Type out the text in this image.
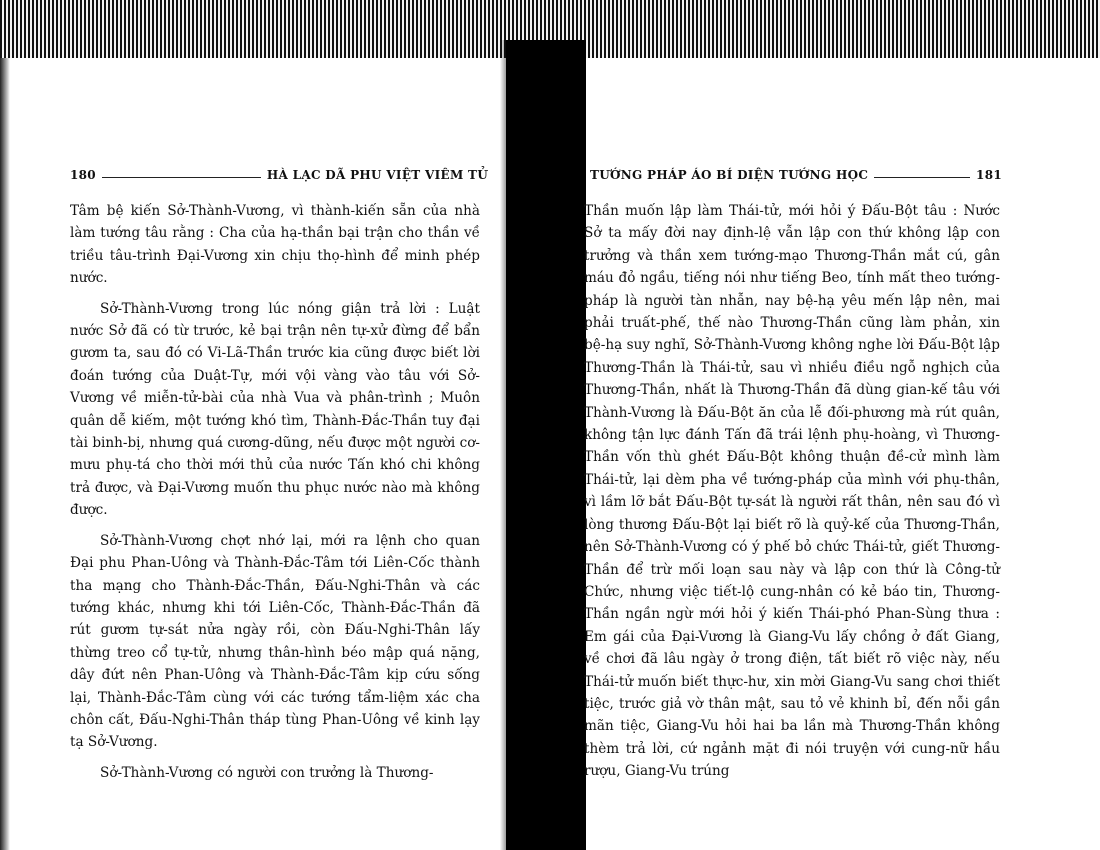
180	HÀ LẠC DÃ PHU VIỆT VIÊM TỬ

Tâm bệ kiến Sở-Thành-Vương, vì thành-kiến sẵn của nhà làm tướng tâu rằng : Cha của hạ-thần bại trận cho thần về triều tâu-trình Đại-Vương xin chịu thọ-hình để minh phép nước.

Sở-Thành-Vương trong lúc nóng giận trả lời : Luật nước Sở đã có từ trước, kẻ bại trận nên tự-xử đừng để bẩn gươm ta, sau đó có Vi-Lã-Thần trước kia cũng được biết lời đoán tướng của Duật-Tự, mới vội vàng vào tâu với Sở-Vương về miễn-tử-bài của nhà Vua và phân-trình ; Muôn quân dễ kiếm, một tướng khó tìm, Thành-Đắc-Thần tuy đại tài binh-bị, nhưng quá cương-dũng, nếu được một người cơ-mưu phụ-tá cho thời mới thủ của nước Tấn khó chi không trả được, và Đại-Vương muốn thu phục nước nào mà không được.

Sở-Thành-Vương chợt nhớ lại, mới ra lệnh cho quan Đại phu Phan-Uông và Thành-Đắc-Tâm tới Liên-Cốc thành tha mạng cho Thành-Đắc-Thần, Đấu-Nghi-Thân và các tướng khác, nhưng khi tới Liên-Cốc, Thành-Đắc-Thần đã rút gươm tự-sát nửa ngày rồi, còn Đấu-Nghi-Thân lấy thừng treo cổ tự-tử, nhưng thân-hình béo mập quá nặng, dây đứt nên Phan-Uông và Thành-Đắc-Tâm kịp cứu sống lại, Thành-Đắc-Tâm cùng với các tướng tẩm-liệm xác cha chôn cất, Đấu-Nghi-Thân tháp tùng Phan-Uông về kinh lạy tạ Sở-Vương.

Sở-Thành-Vương có người con trưởng là Thương-

TƯỚNG PHÁP ÁO BÍ DIỆN TƯỚNG HỌC	181

Thần muốn lập làm Thái-tử, mới hỏi ý Đấu-Bột tâu : Nước Sở ta mấy đời nay định-lệ vẫn lập con thứ không lập con trưởng và thần xem tướng-mạo Thương-Thần mắt cú, gân máu đỏ ngầu, tiếng nói như tiếng Beo, tính mất theo tướng-pháp là người tàn nhẫn, nay bệ-hạ yêu mến lập nên, mai phải truất-phế, thế nào Thương-Thần cũng làm phản, xin bệ-hạ suy nghĩ, Sở-Thành-Vương không nghe lời Đấu-Bột lập Thương-Thần là Thái-tử, sau vì nhiều điều ngỗ nghịch của Thương-Thần, nhất là Thương-Thần đã dùng gian-kế tâu với Thành-Vương là Đấu-Bột ăn của lễ đối-phương mà rút quân, không tận lực đánh Tấn đã trái lệnh phụ-hoàng, vì Thương-Thần vốn thù ghét Đấu-Bột không thuận đề-cử mình làm Thái-tử, lại dèm pha về tướng-pháp của mình với phụ-thân, vì lầm lỡ bắt Đấu-Bột tự-sát là người rất thân, nên sau đó vì lòng thương Đấu-Bột lại biết rõ là quỷ-kế của Thương-Thần, nên Sở-Thành-Vương có ý phế bỏ chức Thái-tử, giết Thương-Thần để trừ mối loạn sau này và lập con thứ là Công-tử Chức, nhưng việc tiết-lộ cung-nhân có kẻ báo tin, Thương-Thần ngần ngừ mới hỏi ý kiến Thái-phó Phan-Sùng thưa : Em gái của Đại-Vương là Giang-Vu lấy chồng ở đất Giang, về chơi đã lâu ngày ở trong điện, tất biết rõ việc này, nếu Thái-tử muốn biết thực-hư, xin mời Giang-Vu sang chơi thiết tiệc, trước giả vờ thân mật, sau tỏ vẻ khinh bỉ, đến nỗi gần mãn tiệc, Giang-Vu hỏi hai ba lần mà Thương-Thần không thèm trả lời, cứ ngảnh mặt đi nói truyện với cung-nữ hầu rượu, Giang-Vu trúng
